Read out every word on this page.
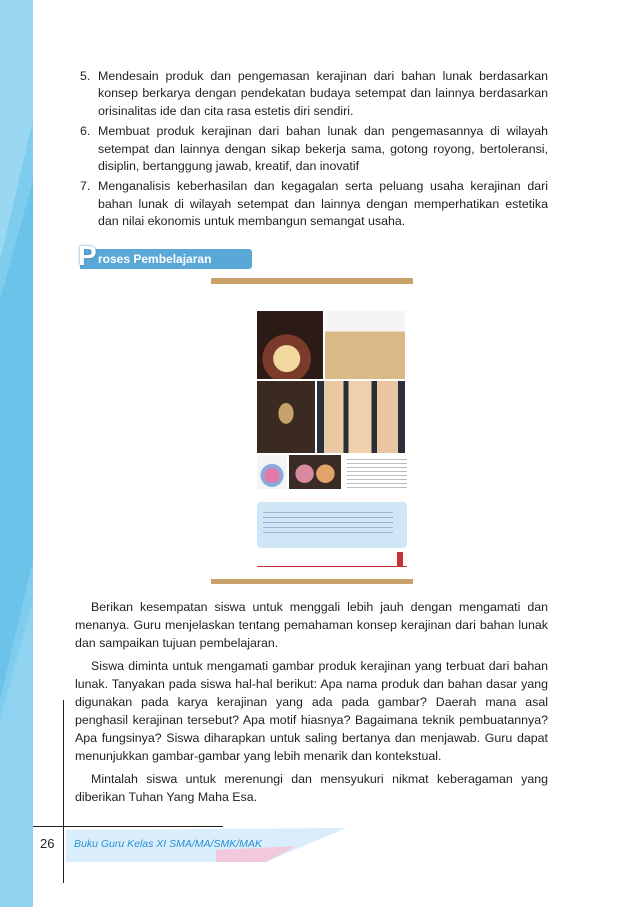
5. Mendesain produk dan pengemasan kerajinan dari bahan lunak berdasarkan konsep berkarya dengan pendekatan budaya setempat dan lainnya berdasarkan orisinalitas ide dan cita rasa estetis diri sendiri.
6. Membuat produk kerajinan dari bahan lunak dan pengemasannya di wilayah setempat dan lainnya dengan sikap bekerja sama, gotong royong, bertoleransi, disiplin, bertanggung jawab, kreatif, dan inovatif
7. Menganalisis keberhasilan dan kegagalan serta peluang usaha kerajinan dari bahan lunak di wilayah setempat dan lainnya dengan memperhatikan estetika dan nilai ekonomis untuk membangun semangat usaha.
P roses Pembelajaran

Berikan kesempatan siswa untuk menggali lebih jauh dengan mengamati dan menanya. Guru menjelaskan tentang pemahaman konsep kerajinan dari bahan lunak dan sampaikan tujuan pembelajaran.

Siswa diminta untuk mengamati gambar produk kerajinan yang terbuat dari bahan lunak. Tanyakan pada siswa hal-hal berikut: Apa nama produk dan bahan dasar yang digunakan pada karya kerajinan yang ada pada gambar? Daerah mana asal penghasil kerajinan tersebut? Apa motif hiasnya? Bagaimana teknik pembuatannya? Apa fungsinya? Siswa diharapkan untuk saling bertanya dan menjawab. Guru dapat menunjukkan gambar-gambar yang lebih menarik dan kontekstual.

Mintalah siswa untuk merenungi dan mensyukuri nikmat keberagaman yang diberikan Tuhan Yang Maha Esa.

26 Buku Guru Kelas XI SMA/MA/SMK/MAK
